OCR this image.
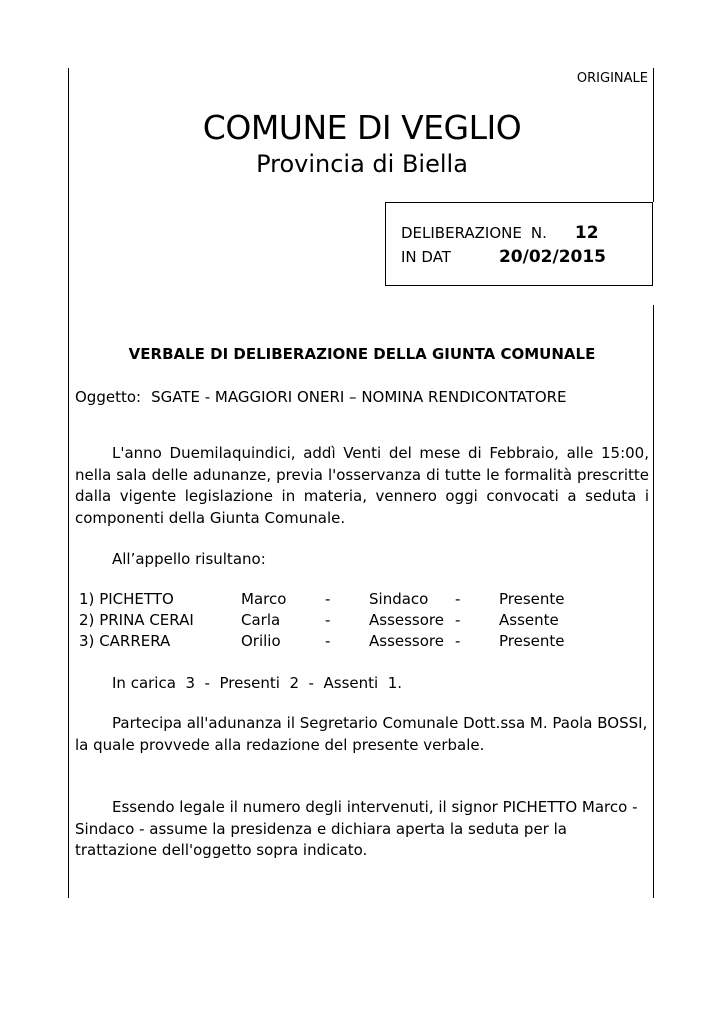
ORIGINALE
COMUNE DI VEGLIO
Provincia di Biella
DELIBERAZIONE N. 12
IN DAT	20/02/2015
VERBALE DI DELIBERAZIONE DELLA GIUNTA COMUNALE
Oggetto: SGATE - MAGGIORI ONERI – NOMINA RENDICONTATORE

L'anno Duemilaquindici, addì Venti del mese di Febbraio, alle 15:00, nella sala delle adunanze, previa l'osservanza di tutte le formalità prescritte dalla vigente legislazione in materia, vennero oggi convocati a seduta i componenti della Giunta Comunale.

All’appello risultano:

1) PICHETTO	Marco	-	Sindaco -	Presente
2) PRINA CERAI	Carla	-	Assessore -	Assente
3) CARRERA	Orilio	-	Assessore -	Presente

In carica  3  -  Presenti  2  -  Assenti  1.

Partecipa all'adunanza il Segretario Comunale Dott.ssa M. Paola BOSSI, la quale provvede alla redazione del presente verbale.

Essendo legale il numero degli intervenuti, il signor PICHETTO Marco - Sindaco - assume la presidenza e dichiara aperta la seduta per la trattazione dell'oggetto sopra indicato.
